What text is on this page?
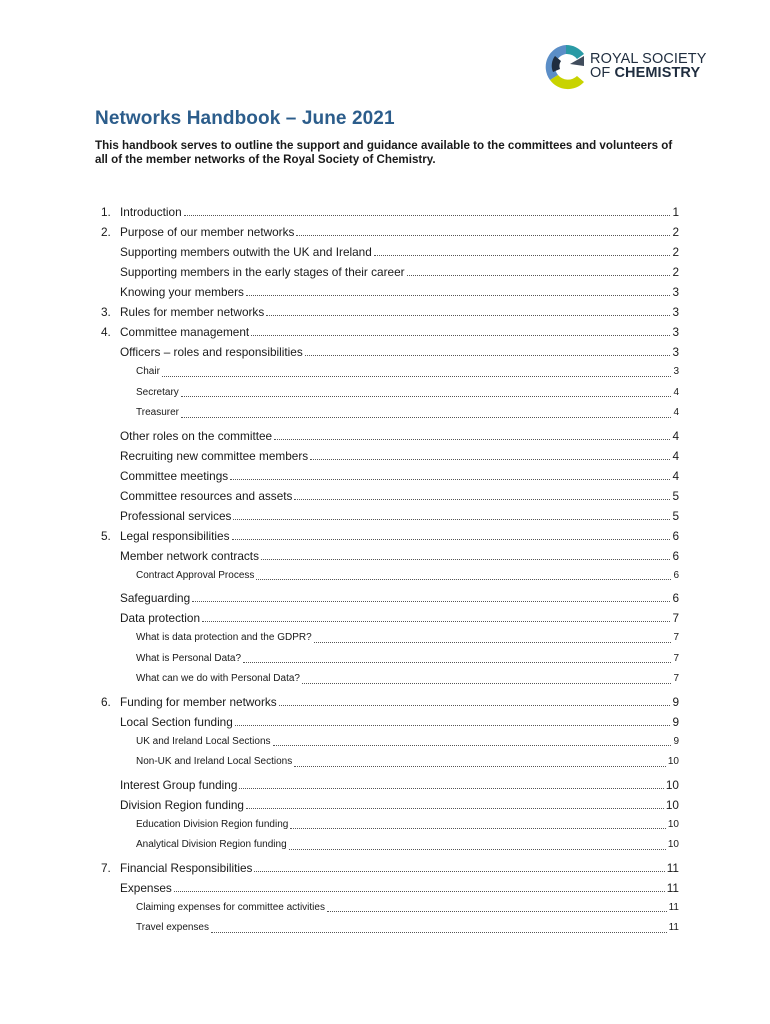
ROYAL SOCIETY
OF CHEMISTRY
Networks Handbook – June 2021
This handbook serves to outline the support and guidance available to the committees and volunteers of all of the member networks of the Royal Society of Chemistry.
1. Introduction	1
2. Purpose of our member networks	2
Supporting members outwith the UK and Ireland	2
Supporting members in the early stages of their career	2
Knowing your members	3
3. Rules for member networks	3
4. Committee management	3
Officers – roles and responsibilities	3
Chair	3
Secretary	4
Treasurer	4
Other roles on the committee	4
Recruiting new committee members	4
Committee meetings	4
Committee resources and assets	5
Professional services	5
5. Legal responsibilities	6
Member network contracts	6
Contract Approval Process	6
Safeguarding	6
Data protection	7
What is data protection and the GDPR?	7
What is Personal Data?	7
What can we do with Personal Data?	7
6. Funding for member networks	9
Local Section funding	9
UK and Ireland Local Sections	9
Non-UK and Ireland Local Sections	10
Interest Group funding	10
Division Region funding	10
Education Division Region funding	10
Analytical Division Region funding	10
7. Financial Responsibilities	11
Expenses	11
Claiming expenses for committee activities	11
Travel expenses	11
